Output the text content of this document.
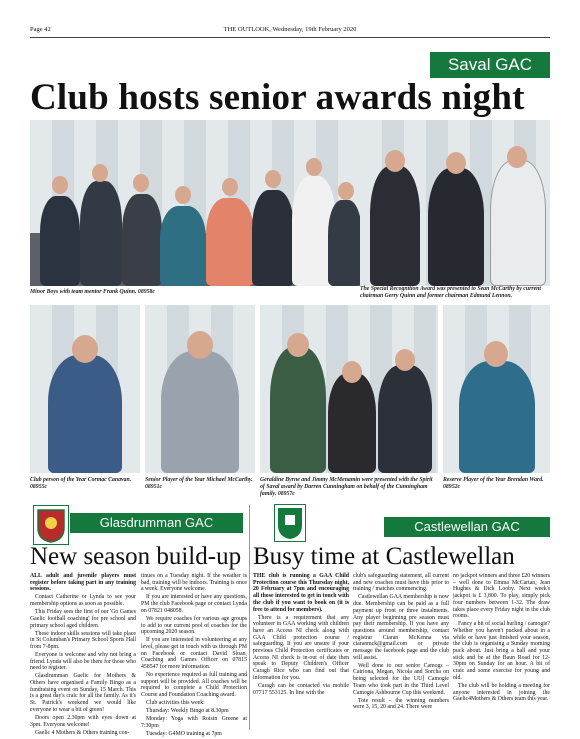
Page 42	THE OUTLOOK, Wednesday, 19th February 2020
Saval GAC
Club hosts senior awards night
Minor Boys with team mentor Frank Quinn. 08958c	The Special Recognition Award was presented to Sean McCarthy by current chairman Gerry Quinn and former chairman Edmund Lennon.
Club person of the Year Cormac Canavan. 08955c
Senior Player of the Year Michael McCarthy. 08951c
Geraldine Byrne and Jimmy McMenamin were presented with the Spirit of Saval award by Darren Cunningham on behalf of the Cunningham family. 08957c
Reserve Player of the Year Brendan Ward. 08952c
Glasdrumman GAC
New season build-up

ALL adult and juvenile players must register before taking part in any training sessions.

Contact Catherine or Lynda to see your membership options as soon as possible.

This Friday sees the first of our 'Go Games Gaelic football coaching' for pre school and primary school aged children.

These indoor skills sessions will take place in St Columban's Primary School Sports Hall from 7-8pm.

Everyone is welcome and why not bring a friend. Lynda will also be there for those who need to register.

Glasdrumman Gaelic for Mothers & Others have organised a Family Bingo as a fundraising event on Sunday, 15 March. This is a great day's craic for all the family. As it's St. Patrick's weekend we would like everyone to wear a bit of green!

Doors open 2.30pm with eyes down at 3pm. Everyone welcome!

Gaelic 4 Mothers & Others training con-

tinues on a Tuesday night. If the weather is bad, training will be indoors. Training is once a week. Everyone welcome.

If you are interested or have any questions, PM the club Facebook page or contact Lynda on 07821 048058.

We require coaches for various age groups to add to our current pool of coaches for the upcoming 2020 season.

If you are interested in volunteering at any level, please get in touch with us through PM on Facebook or contact David Sloan, Coaching and Games Officer on 07815 458547 for more information.

No experience required as full training and support will be provided. All coaches will be required to complete a Child Protection Course and Foundation Coaching award.

Club activities this week:

Thursday: Weekly Bingo at 8.30pm

Monday: Yoga with Roisin Greene at 7:30pm

Tuesday: G4MO training at 7pm

Castlewellan GAC
Busy time at Castlewellan

THE club is running a GAA Child Protection course this Thursday night, 20 February at 7pm and encouraging all those interested to get in touch with the club if you want to book on (it is free to attend for members).

There is a requirement that any volunteer in GAA working with children have an Access NI check along with GAA Child protection course / safeguarding. If you are unsure if your previous Child Protection certificates or Access NI check is in-out of date then speak to Deputy Children's Officer Caragh Rice who can find out that information for you.

Caragh can be contacted via mobile 07717 553125. In line with the

club's safeguarding statement, all current and new coaches must have this prior to training / matches commencing.

Castlewellan GAA membership is now due. Membership can be paid as a full payment up front or three instalments. Any player beginning pre season must pay their membership. If you have any questions around membership, contact registrar Ciaran McKenna via ciaranmck@gmail.com or private message the facebook page and the club will assist.

Well done to our senior Camogs – Catriona, Megan, Nicola and Sorcha on being selected for the UU] Camogie Team who took part in the Third Level Camogie Ashbourne Cup this weekend.

Tote result – the winning numbers were 3, 15, 20 and 24. There were

no jackpot winners and three £20 winners – well done to Emma McCartan, Jean Hughes & Dick Looby. Next week's jackpot is £ 3,800. To play, simply pick four numbers between 1-32. The draw takes place every Friday night in the club rooms.

Fancy a bit of social hurling / camogie? Whether you haven't pucked about in a while or have just finished your season, the club is organising a Sunday morning puck about. Just bring a ball and your stick and be at the Baun Road for 12-30pm on Sunday for an hour. A bit of craic and some exercise for young and old.

The club will be holding a meeting for anyone interested in joining the Gaelic4Mothers & Others team this year.
